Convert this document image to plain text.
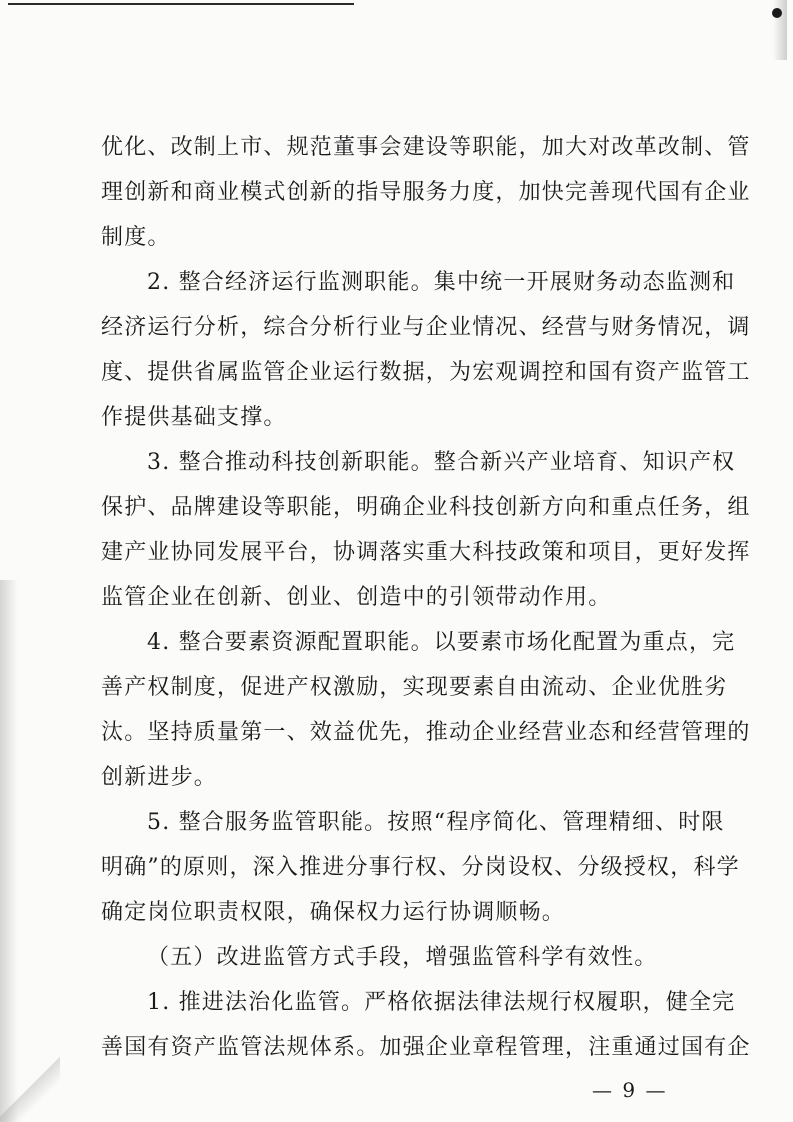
优化、改制上市、规范董事会建设等职能，加大对改革改制、管
理创新和商业模式创新的指导服务力度，加快完善现代国有企业
制度。
2. 整合经济运行监测职能。集中统一开展财务动态监测和
经济运行分析，综合分析行业与企业情况、经营与财务情况，调
度、提供省属监管企业运行数据，为宏观调控和国有资产监管工
作提供基础支撑。
3. 整合推动科技创新职能。整合新兴产业培育、知识产权
保护、品牌建设等职能，明确企业科技创新方向和重点任务，组
建产业协同发展平台，协调落实重大科技政策和项目，更好发挥
监管企业在创新、创业、创造中的引领带动作用。
4. 整合要素资源配置职能。以要素市场化配置为重点，完
善产权制度，促进产权激励，实现要素自由流动、企业优胜劣
汰。坚持质量第一、效益优先，推动企业经营业态和经营管理的
创新进步。
5. 整合服务监管职能。按照“程序简化、管理精细、时限
明确”的原则，深入推进分事行权、分岗设权、分级授权，科学
确定岗位职责权限，确保权力运行协调顺畅。
（五）改进监管方式手段，增强监管科学有效性。
1. 推进法治化监管。严格依据法律法规行权履职，健全完
善国有资产监管法规体系。加强企业章程管理，注重通过国有企
— 9 —
